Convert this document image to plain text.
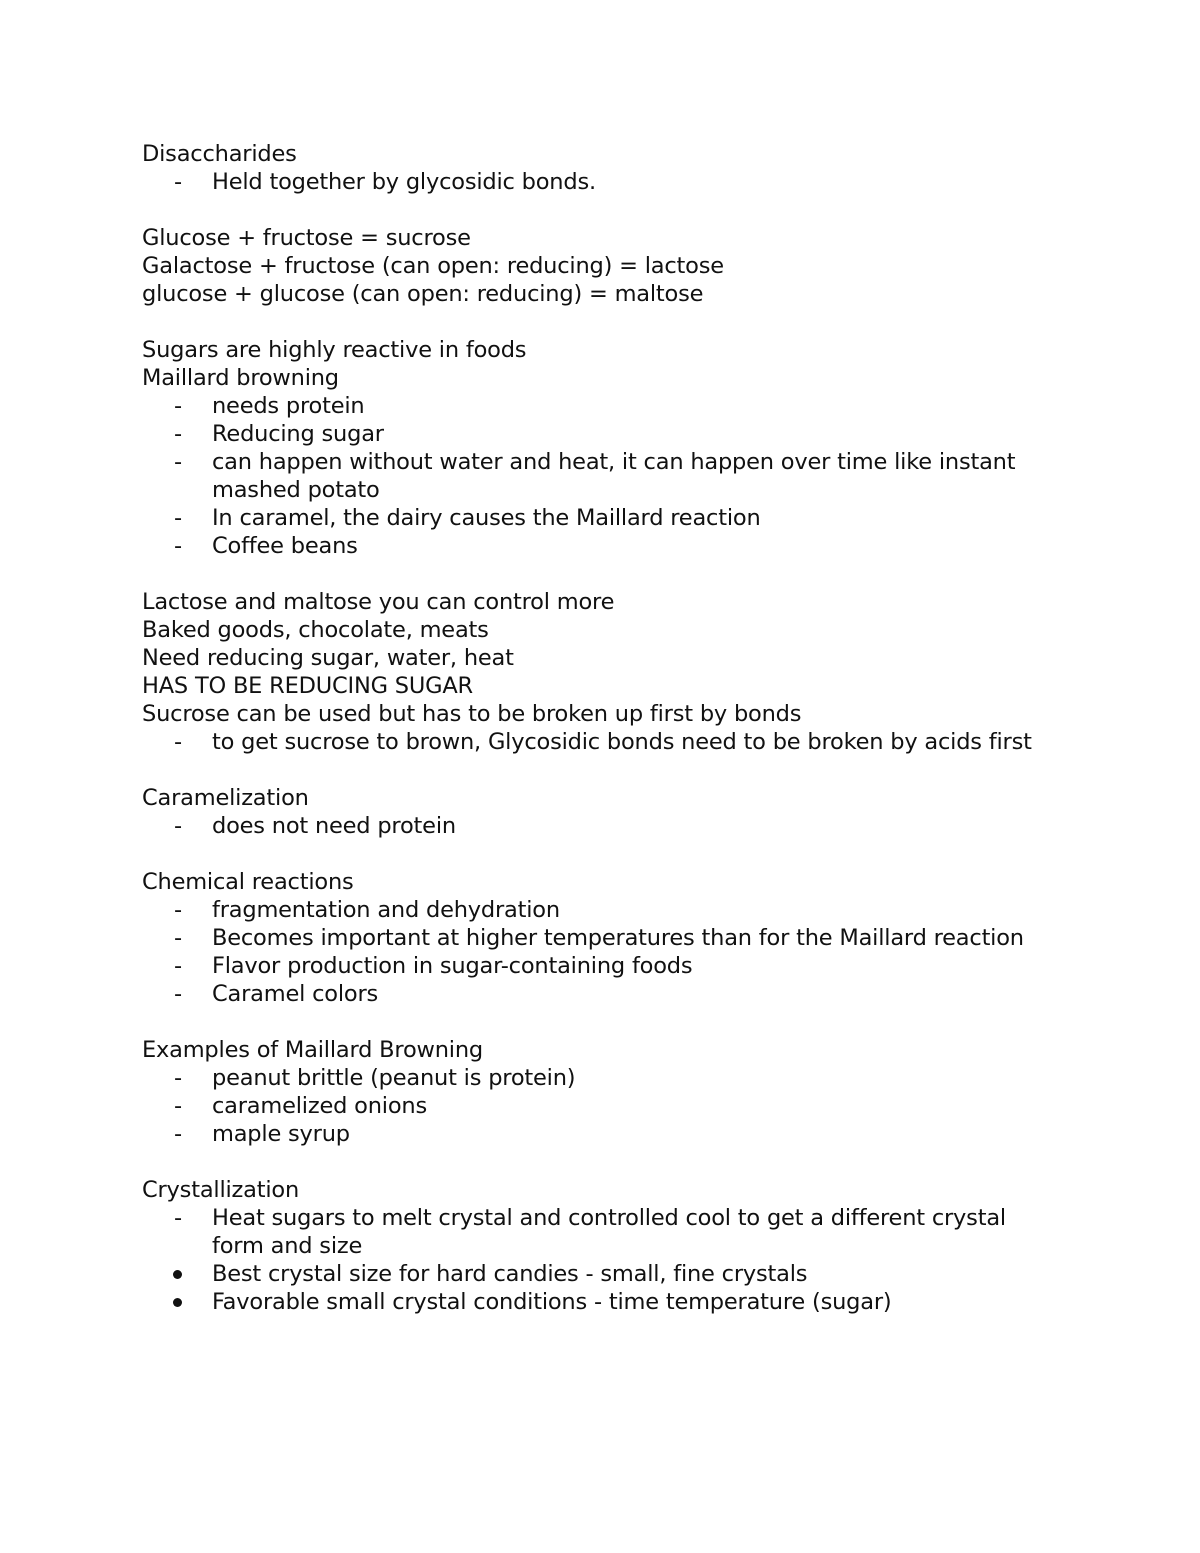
Disaccharides
-	Held together by glycosidic bonds.
Glucose + fructose = sucrose
Galactose + fructose (can open: reducing) = lactose
glucose + glucose (can open: reducing) = maltose
Sugars are highly reactive in foods
Maillard browning
-	needs protein
-	Reducing sugar
-	can happen without water and heat, it can happen over time like instant mashed potato
-	In caramel, the dairy causes the Maillard reaction
-	Coffee beans
Lactose and maltose you can control more
Baked goods, chocolate, meats
Need reducing sugar, water, heat
HAS TO BE REDUCING SUGAR
Sucrose can be used but has to be broken up first by bonds
-	to get sucrose to brown, Glycosidic bonds need to be broken by acids first
Caramelization
-	does not need protein
Chemical reactions
-	fragmentation and dehydration
-	Becomes important at higher temperatures than for the Maillard reaction
-	Flavor production in sugar-containing foods
-	Caramel colors
Examples of Maillard Browning
-	peanut brittle (peanut is protein)
-	caramelized onions
-	maple syrup
Crystallization
-	Heat sugars to melt crystal and controlled cool to get a different crystal form and size
Best crystal size for hard candies - small, fine crystals
Favorable small crystal conditions - time temperature (sugar)
